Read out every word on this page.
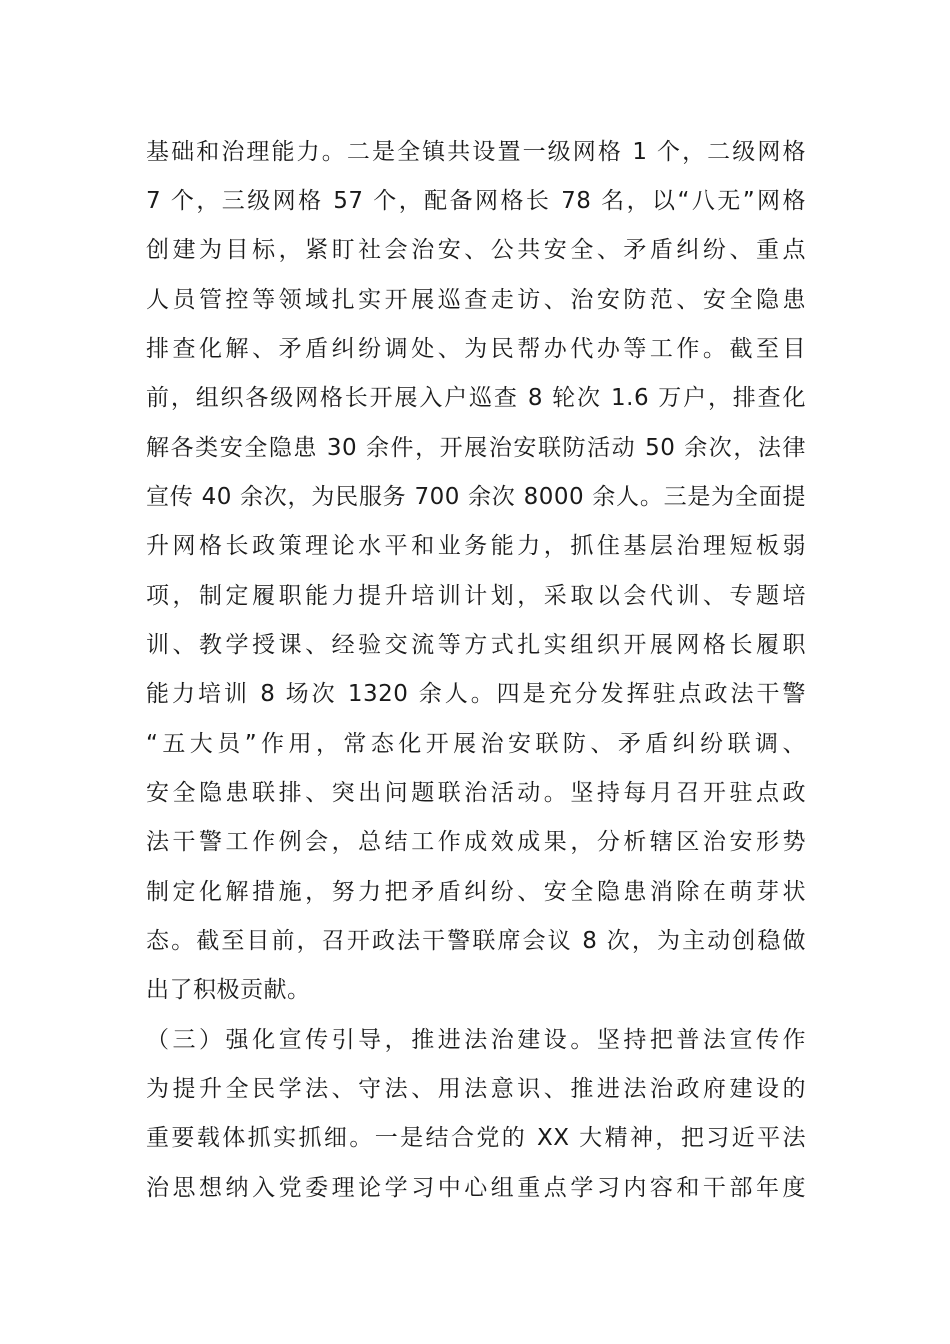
基础和治理能力。二是全镇共设置一级网格 1 个，二级网格
7 个，三级网格 57 个，配备网格长 78 名，以“八无”网格
创建为目标，紧盯社会治安、公共安全、矛盾纠纷、重点
人员管控等领域扎实开展巡查走访、治安防范、安全隐患
排查化解、矛盾纠纷调处、为民帮办代办等工作。截至目
前，组织各级网格长开展入户巡查 8 轮次 1.6 万户，排查化
解各类安全隐患 30 余件，开展治安联防活动 50 余次，法律
宣传 40 余次，为民服务 700 余次 8000 余人。三是为全面提
升网格长政策理论水平和业务能力，抓住基层治理短板弱
项，制定履职能力提升培训计划，采取以会代训、专题培
训、教学授课、经验交流等方式扎实组织开展网格长履职
能力培训 8 场次 1320 余人。四是充分发挥驻点政法干警
“五大员”作用，常态化开展治安联防、矛盾纠纷联调、
安全隐患联排、突出问题联治活动。坚持每月召开驻点政
法干警工作例会，总结工作成效成果，分析辖区治安形势
制定化解措施，努力把矛盾纠纷、安全隐患消除在萌芽状
态。截至目前，召开政法干警联席会议 8 次，为主动创稳做
出了积极贡献。
（三）强化宣传引导，推进法治建设。坚持把普法宣传作
为提升全民学法、守法、用法意识、推进法治政府建设的
重要载体抓实抓细。一是结合党的 XX 大精神，把习近平法
治思想纳入党委理论学习中心组重点学习内容和干部年度
